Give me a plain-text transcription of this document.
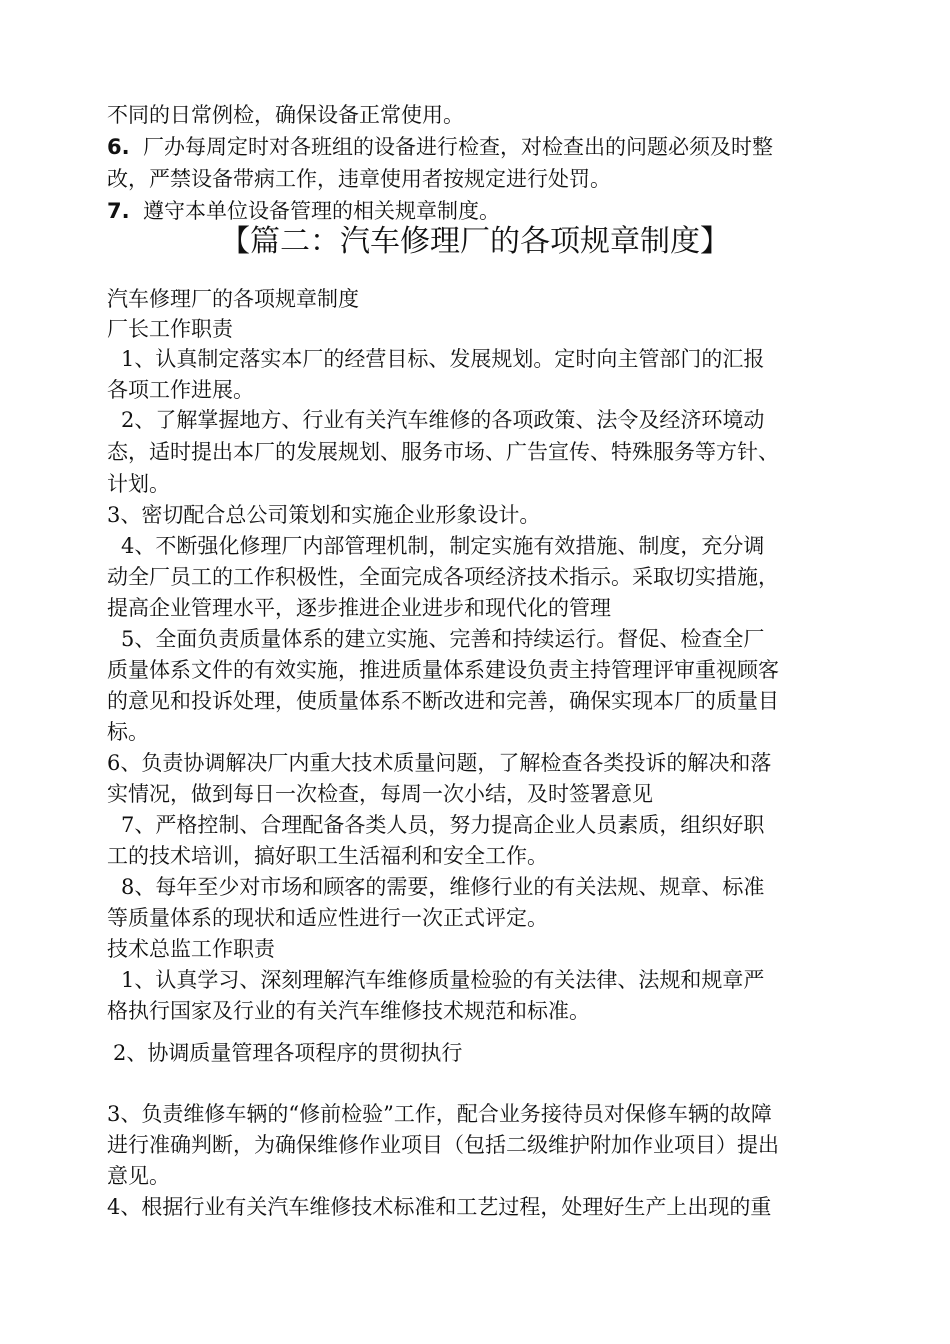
不同的日常例检，确保设备正常使用。
6. 厂办每周定时对各班组的设备进行检查，对检查出的问题必须及时整
改，严禁设备带病工作，违章使用者按规定进行处罚。
7. 遵守本单位设备管理的相关规章制度。
【篇二：汽车修理厂的各项规章制度】
汽车修理厂的各项规章制度
厂长工作职责
1、认真制定落实本厂的经营目标、发展规划。定时向主管部门的汇报
各项工作进展。
2、了解掌握地方、行业有关汽车维修的各项政策、法令及经济环境动
态，适时提出本厂的发展规划、服务市场、广告宣传、特殊服务等方针、
计划。
3、密切配合总公司策划和实施企业形象设计。
4、不断强化修理厂内部管理机制，制定实施有效措施、制度，充分调
动全厂员工的工作积极性，全面完成各项经济技术指示。采取切实措施，
提高企业管理水平，逐步推进企业进步和现代化的管理
5、全面负责质量体系的建立实施、完善和持续运行。督促、检查全厂
质量体系文件的有效实施，推进质量体系建设负责主持管理评审重视顾客
的意见和投诉处理，使质量体系不断改进和完善，确保实现本厂的质量目
标。
6、负责协调解决厂内重大技术质量问题，了解检查各类投诉的解决和落
实情况，做到每日一次检查，每周一次小结，及时签署意见
7、严格控制、合理配备各类人员，努力提高企业人员素质，组织好职
工的技术培训，搞好职工生活福利和安全工作。
8、每年至少对市场和顾客的需要，维修行业的有关法规、规章、标准
等质量体系的现状和适应性进行一次正式评定。
技术总监工作职责
1、认真学习、深刻理解汽车维修质量检验的有关法律、法规和规章严
格执行国家及行业的有关汽车维修技术规范和标准。
2、协调质量管理各项程序的贯彻执行
3、负责维修车辆的“修前检验”工作，配合业务接待员对保修车辆的故障
进行准确判断，为确保维修作业项目（包括二级维护附加作业项目）提出
意见。
4、根据行业有关汽车维修技术标准和工艺过程，处理好生产上出现的重
